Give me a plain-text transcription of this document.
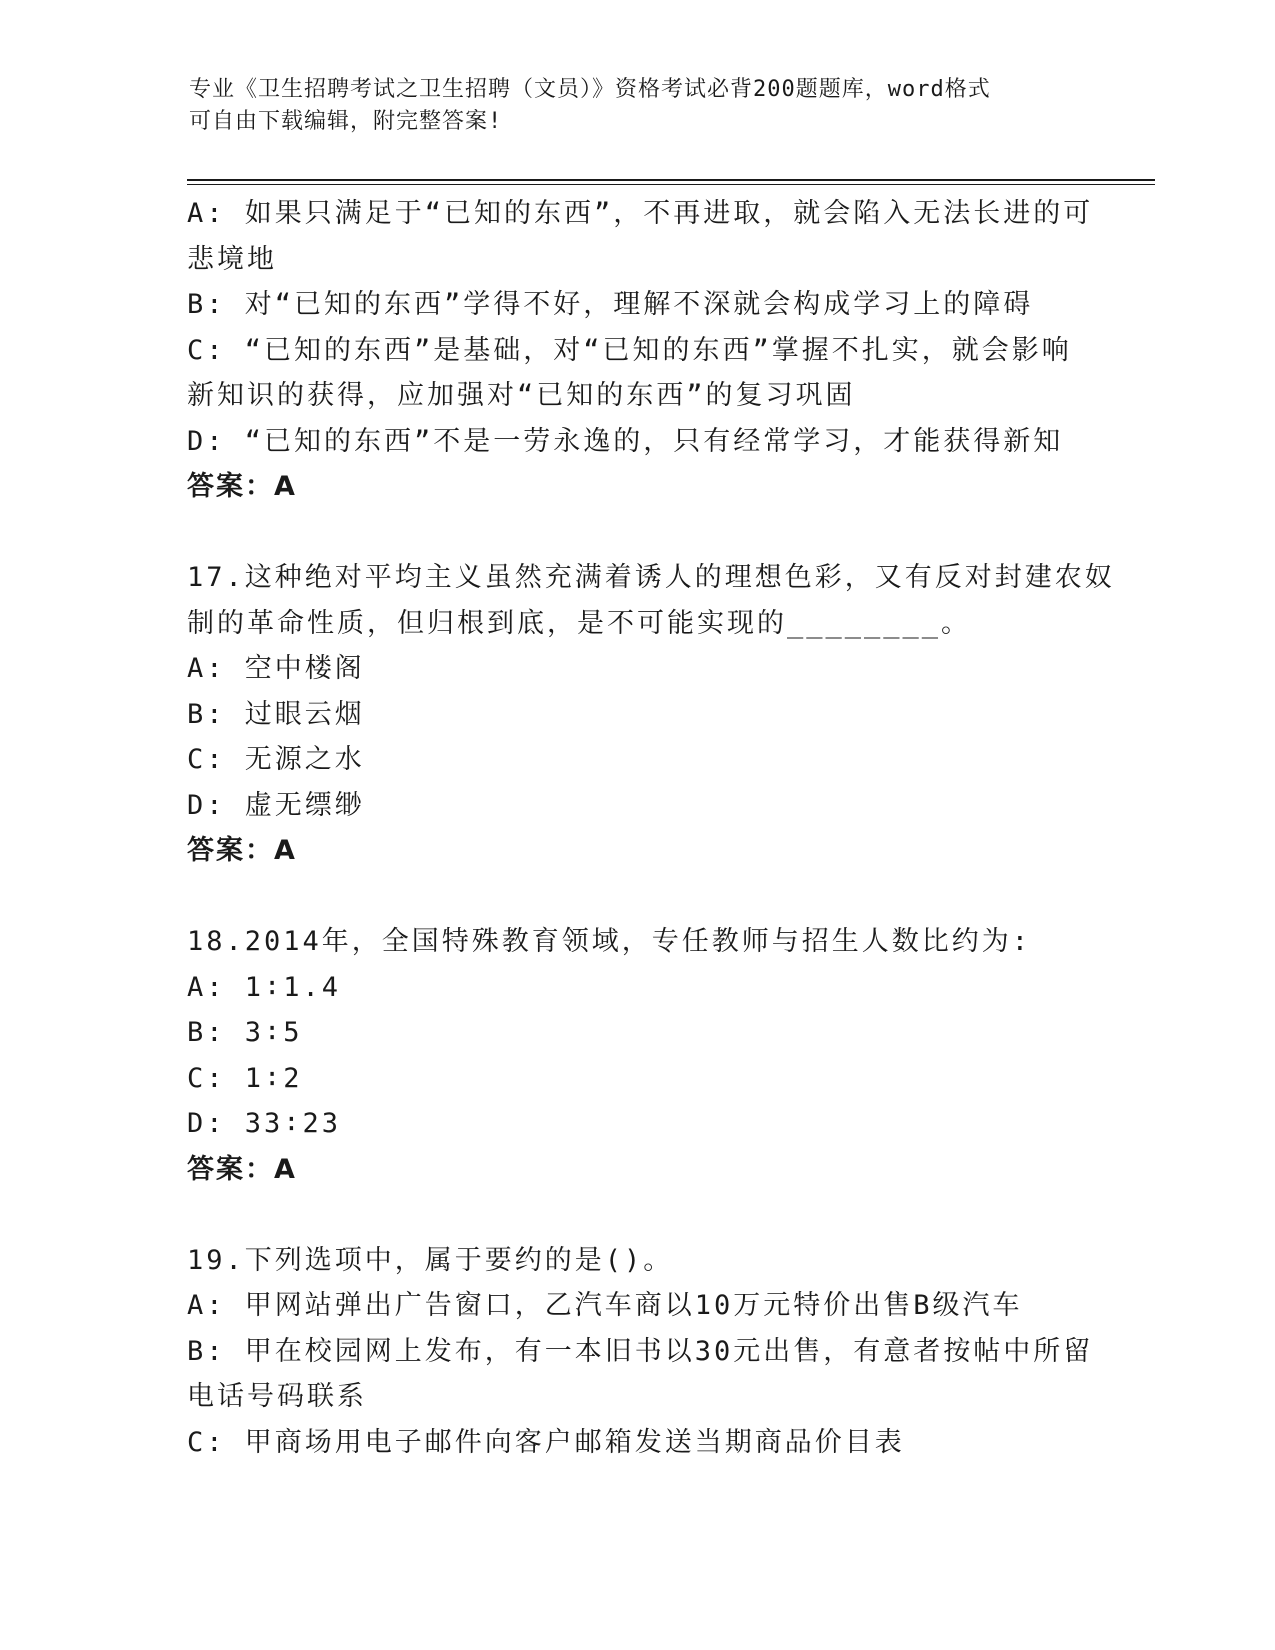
专业《卫生招聘考试之卫生招聘（文员）》资格考试必背200题题库，word格式
可自由下载编辑，附完整答案!
A: 如果只满足于“已知的东西”，不再进取，就会陷入无法长进的可
悲境地
B: 对“已知的东西”学得不好，理解不深就会构成学习上的障碍
C: “已知的东西”是基础，对“已知的东西”掌握不扎实，就会影响
新知识的获得，应加强对“已知的东西”的复习巩固
D: “已知的东西”不是一劳永逸的，只有经常学习，才能获得新知
答案：A
17.这种绝对平均主义虽然充满着诱人的理想色彩，又有反对封建农奴
制的革命性质，但归根到底，是不可能实现的________。
A: 空中楼阁
B: 过眼云烟
C: 无源之水
D: 虚无缥缈
答案：A
18.2014年，全国特殊教育领域，专任教师与招生人数比约为:
A: 1∶1.4
B: 3∶5
C: 1∶2
D: 33∶23
答案：A
19.下列选项中，属于要约的是()。
A: 甲网站弹出广告窗口，乙汽车商以10万元特价出售B级汽车
B: 甲在校园网上发布，有一本旧书以30元出售，有意者按帖中所留
电话号码联系
C: 甲商场用电子邮件向客户邮箱发送当期商品价目表
